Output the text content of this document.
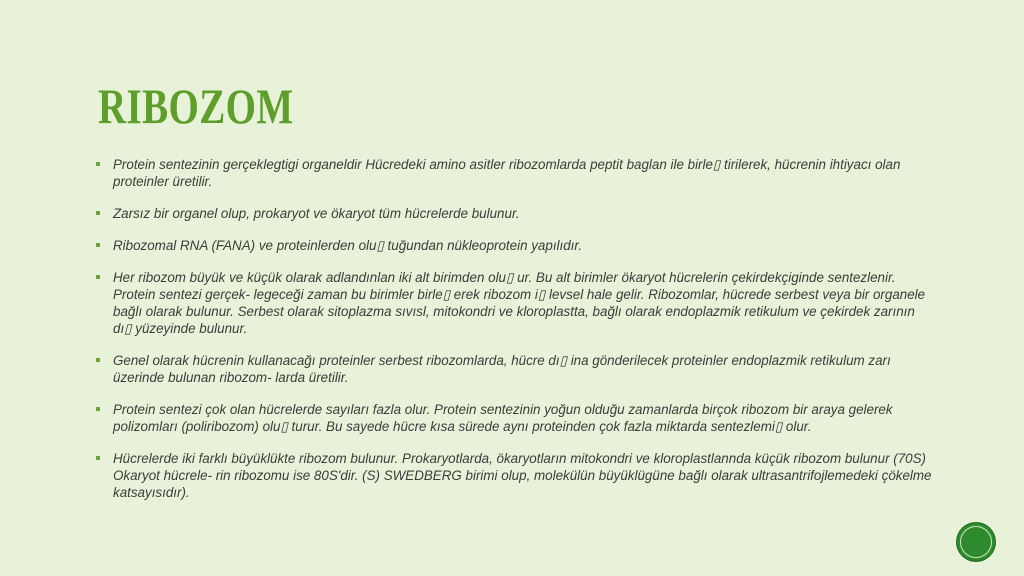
RIBOZOM
Protein sentezinin gerçeklegtigi organeldir Hücredeki amino asitler ribozomlarda peptit baglan ile birle▯ tirilerek, hücrenin ihtiyacı olan proteinler üretilir.
Zarsız bir organel olup, prokaryot ve ökaryot tüm hücrelerde bulunur.
Ribozomal RNA (FANA) ve proteinlerden olu▯ tuğundan nükleoprotein yapılıdır.
Her ribozom büyük ve küçük olarak adlandınlan iki alt birimden olu▯ ur. Bu alt birimler ökaryot hücrelerin çekirdekçiginde sentezlenir. Protein sentezi gerçek- legeceği zaman bu birimler birle▯ erek ribozom i▯ levsel hale gelir. Ribozomlar, hücrede serbest veya bir organele bağlı olarak bulunur. Serbest olarak sitoplazma sıvısl, mitokondri ve kloroplastta, bağlı olarak endoplazmik retikulum ve çekirdek zarının dı▯ yüzeyinde bulunur.
Genel olarak hücrenin kullanacağı proteinler serbest ribozomlarda, hücre dı▯ ina gönderilecek proteinler endoplazmik retikulum zarı üzerinde bulunan ribozom- larda üretilir.
Protein sentezi çok olan hücrelerde sayıları fazla olur. Protein sentezinin yoğun olduğu zamanlarda birçok ribozom bir araya gelerek polizomları (poliribozom) olu▯ turur. Bu sayede hücre kısa sürede aynı proteinden çok fazla miktarda sentezlemi▯ olur.
Hücrelerde iki farklı büyüklükte ribozom bulunur. Prokaryotlarda, ökaryotların mitokondri ve kloroplastlannda küçük ribozom bulunur (70S) Okaryot hücrele- rin ribozomu ise 80S'dir. (S) SWEDBERG birimi olup, molekülün büyüklügüne bağlı olarak ultrasantrifojlemedeki çökelme katsayısıdır).
